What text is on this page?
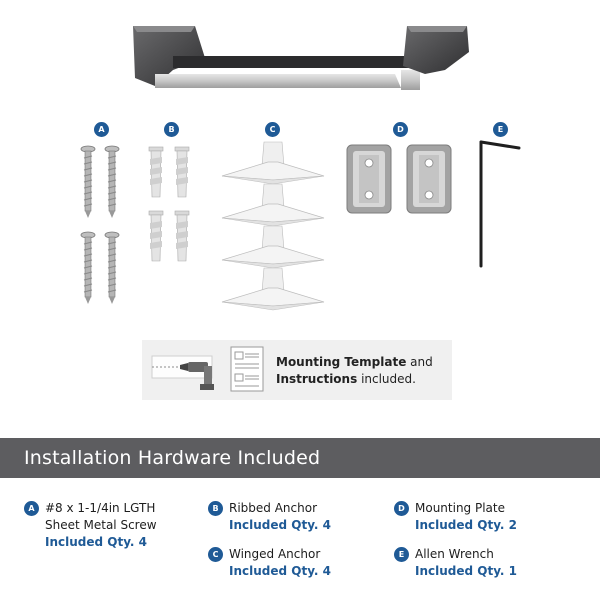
A	B	C	D	E
Mounting Template and
Instructions included.
Installation Hardware Included
A #8 x 1-1/4in LGTH
Sheet Metal Screw
Included Qty. 4
B Ribbed Anchor
Included Qty. 4
C Winged Anchor
Included Qty. 4
D Mounting Plate
Included Qty. 2
E Allen Wrench
Included Qty. 1
